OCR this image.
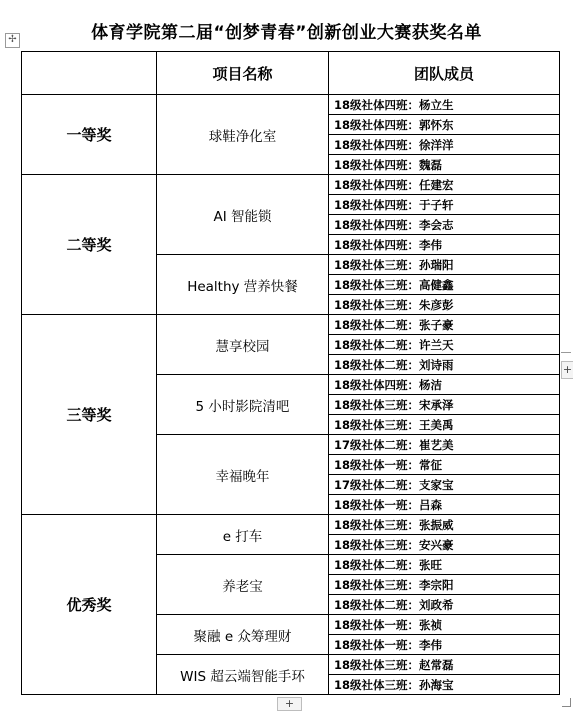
体育学院第二届“创梦青春”创新创业大赛获奖名单
✢
	项目名称	团队成员
一等奖	球鞋净化室	18级社体四班：杨立生
		18级社体四班：郭怀东
		18级社体四班：徐洋洋
		18级社体四班：魏磊
二等奖	AI 智能锁	18级社体四班：任建宏
		18级社体四班：于子轩
		18级社体四班：李会志
		18级社体四班：李伟
	Healthy 营养快餐	18级社体三班：孙瑞阳
		18级社体三班：高健鑫
		18级社体三班：朱彦彭
三等奖	慧享校园	18级社体二班：张子豪
		18级社体二班：许兰天
		18级社体二班：刘诗雨
	5 小时影院清吧	18级社体四班：杨洁
		18级社体三班：宋承泽
		18级社体三班：王美禹
	幸福晚年	17级社体二班：崔艺美
		18级社体一班：常征
		17级社体二班：支家宝
		18级社体一班：吕森
优秀奖	e 打车	18级社体三班：张振威
		18级社体三班：安兴豪
	养老宝	18级社体二班：张旺
		18级社体三班：李宗阳
		18级社体二班：刘政希
	聚融 e 众筹理财	18级社体一班：张祯
		18级社体一班：李伟
	WIS 超云端智能手环	18级社体三班：赵常磊
		18级社体三班：孙海宝
+
+
